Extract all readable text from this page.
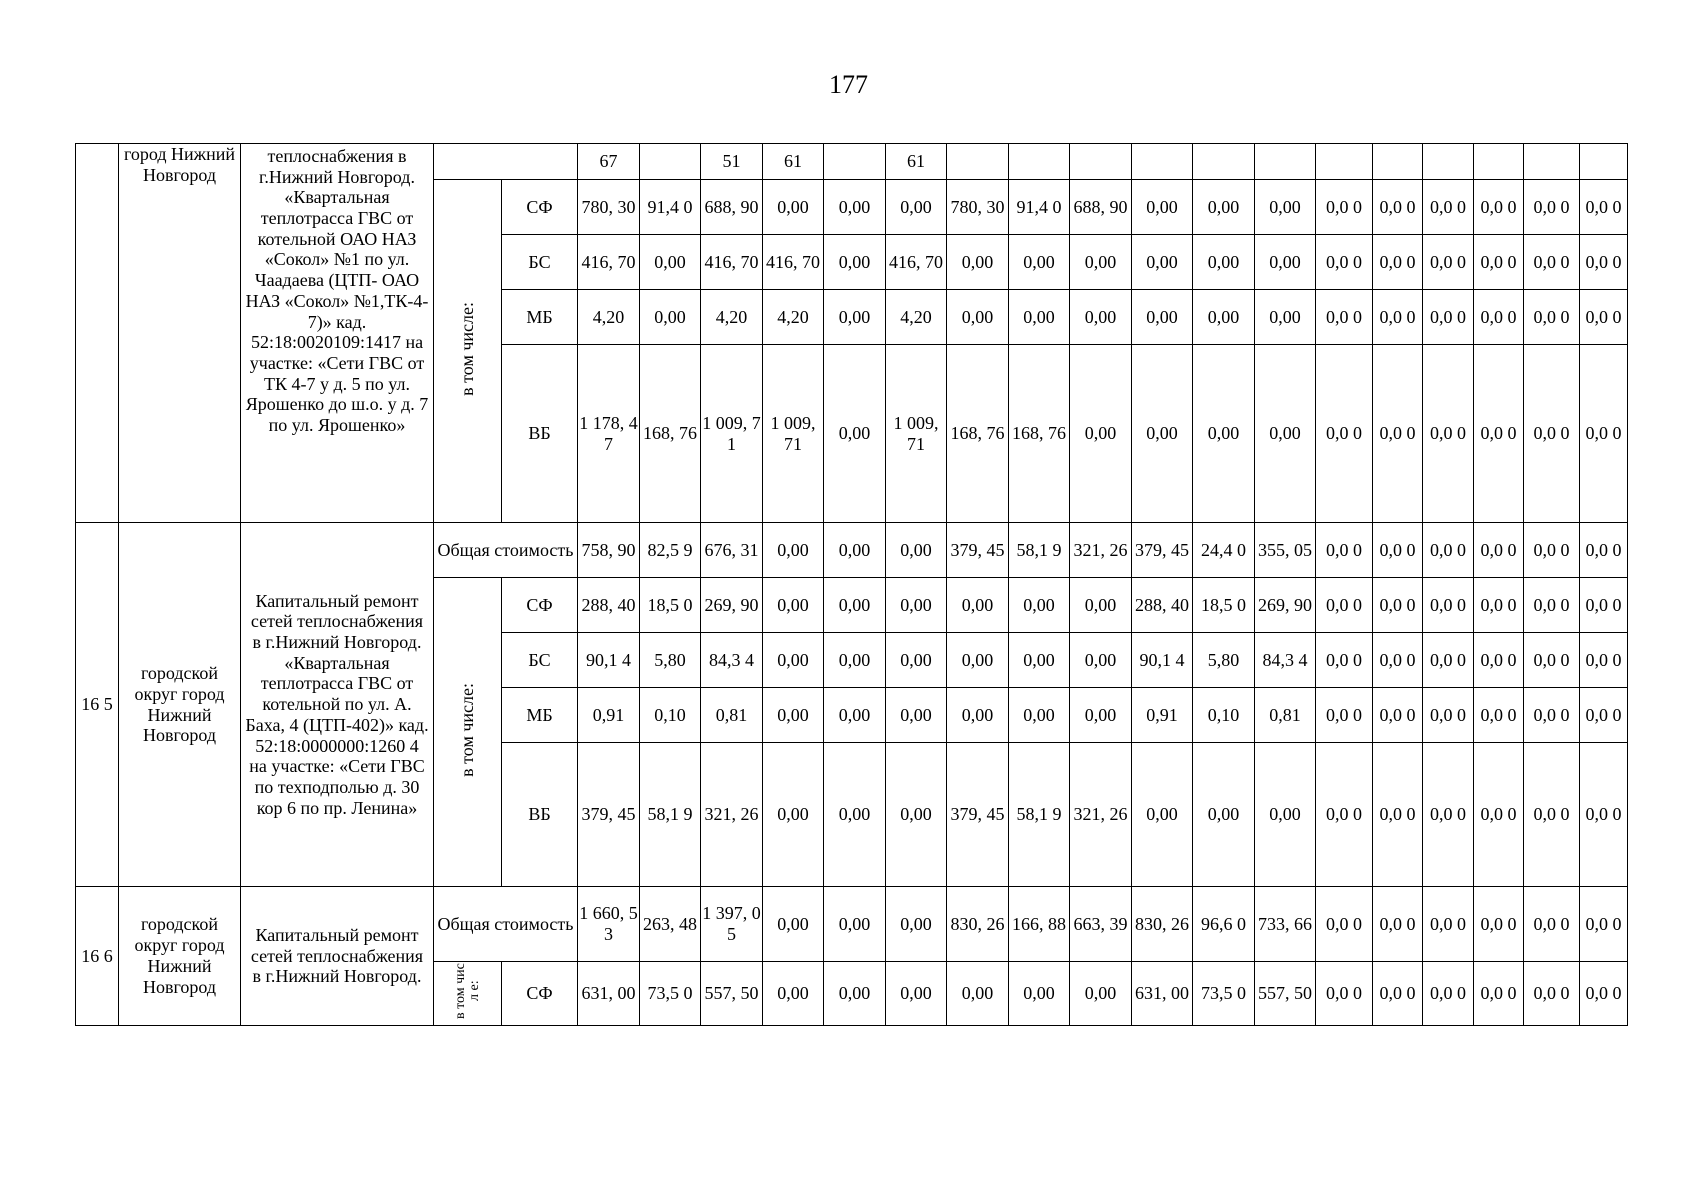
177
	город Нижний Новгород	теплоснабжения в г.Нижний Новгород. «Квартальная теплотрасса ГВС от котельной ОАО НАЗ «Сокол» №1 по ул. Чаадаева (ЦТП- ОАО НАЗ «Сокол» №1,ТК-4-7)» кад. 52:18:0020109:1417 на участке: «Сети ГВС от ТК 4-7 у д. 5 по ул. Ярошенко до ш.о. у д. 7 по ул. Ярошенко»			67		51	61		61												
			в том числе:	СФ	780, 30	91,4 0	688, 90	0,00	0,00	0,00	780, 30	91,4 0	688, 90	0,00	0,00	0,00	0,0 0	0,0 0	0,0 0	0,0 0	0,0 0	0,0 0
				БС	416, 70	0,00	416, 70	416, 70	0,00	416, 70	0,00	0,00	0,00	0,00	0,00	0,00	0,0 0	0,0 0	0,0 0	0,0 0	0,0 0	0,0 0
				МБ	4,20	0,00	4,20	4,20	0,00	4,20	0,00	0,00	0,00	0,00	0,00	0,00	0,0 0	0,0 0	0,0 0	0,0 0	0,0 0	0,0 0
				ВБ	1 178, 47	168, 76	1 009, 71	1 009, 71	0,00	1 009, 71	168, 76	168, 76	0,00	0,00	0,00	0,00	0,0 0	0,0 0	0,0 0	0,0 0	0,0 0	0,0 0
16 5	городской округ город Нижний Новгород	Капитальный ремонт сетей теплоснабжения в г.Нижний Новгород. «Квартальная теплотрасса ГВС от котельной по ул. А. Баха, 4 (ЦТП-402)» кад. 52:18:0000000:1260 4 на участке: «Сети ГВС по техподполью д. 30 кор 6 по пр. Ленина»	Общая стоимость		758, 90	82,5 9	676, 31	0,00	0,00	0,00	379, 45	58,1 9	321, 26	379, 45	24,4 0	355, 05	0,0 0	0,0 0	0,0 0	0,0 0	0,0 0	0,0 0
			в том числе:	СФ	288, 40	18,5 0	269, 90	0,00	0,00	0,00	0,00	0,00	0,00	288, 40	18,5 0	269, 90	0,0 0	0,0 0	0,0 0	0,0 0	0,0 0	0,0 0
				БС	90,1 4	5,80	84,3 4	0,00	0,00	0,00	0,00	0,00	0,00	90,1 4	5,80	84,3 4	0,0 0	0,0 0	0,0 0	0,0 0	0,0 0	0,0 0
				МБ	0,91	0,10	0,81	0,00	0,00	0,00	0,00	0,00	0,00	0,91	0,10	0,81	0,0 0	0,0 0	0,0 0	0,0 0	0,0 0	0,0 0
				ВБ	379, 45	58,1 9	321, 26	0,00	0,00	0,00	379, 45	58,1 9	321, 26	0,00	0,00	0,00	0,0 0	0,0 0	0,0 0	0,0 0	0,0 0	0,0 0
16 6	городской округ город Нижний Новгород	Капитальный ремонт сетей теплоснабжения в г.Нижний Новгород.	Общая стоимость		1 660, 53	263, 48	1 397, 05	0,00	0,00	0,00	830, 26	166, 88	663, 39	830, 26	96,6 0	733, 66	0,0 0	0,0 0	0,0 0	0,0 0	0,0 0	0,0 0
			в том числ е:	СФ	631, 00	73,5 0	557, 50	0,00	0,00	0,00	0,00	0,00	0,00	631, 00	73,5 0	557, 50	0,0 0	0,0 0	0,0 0	0,0 0	0,0 0	0,0 0
